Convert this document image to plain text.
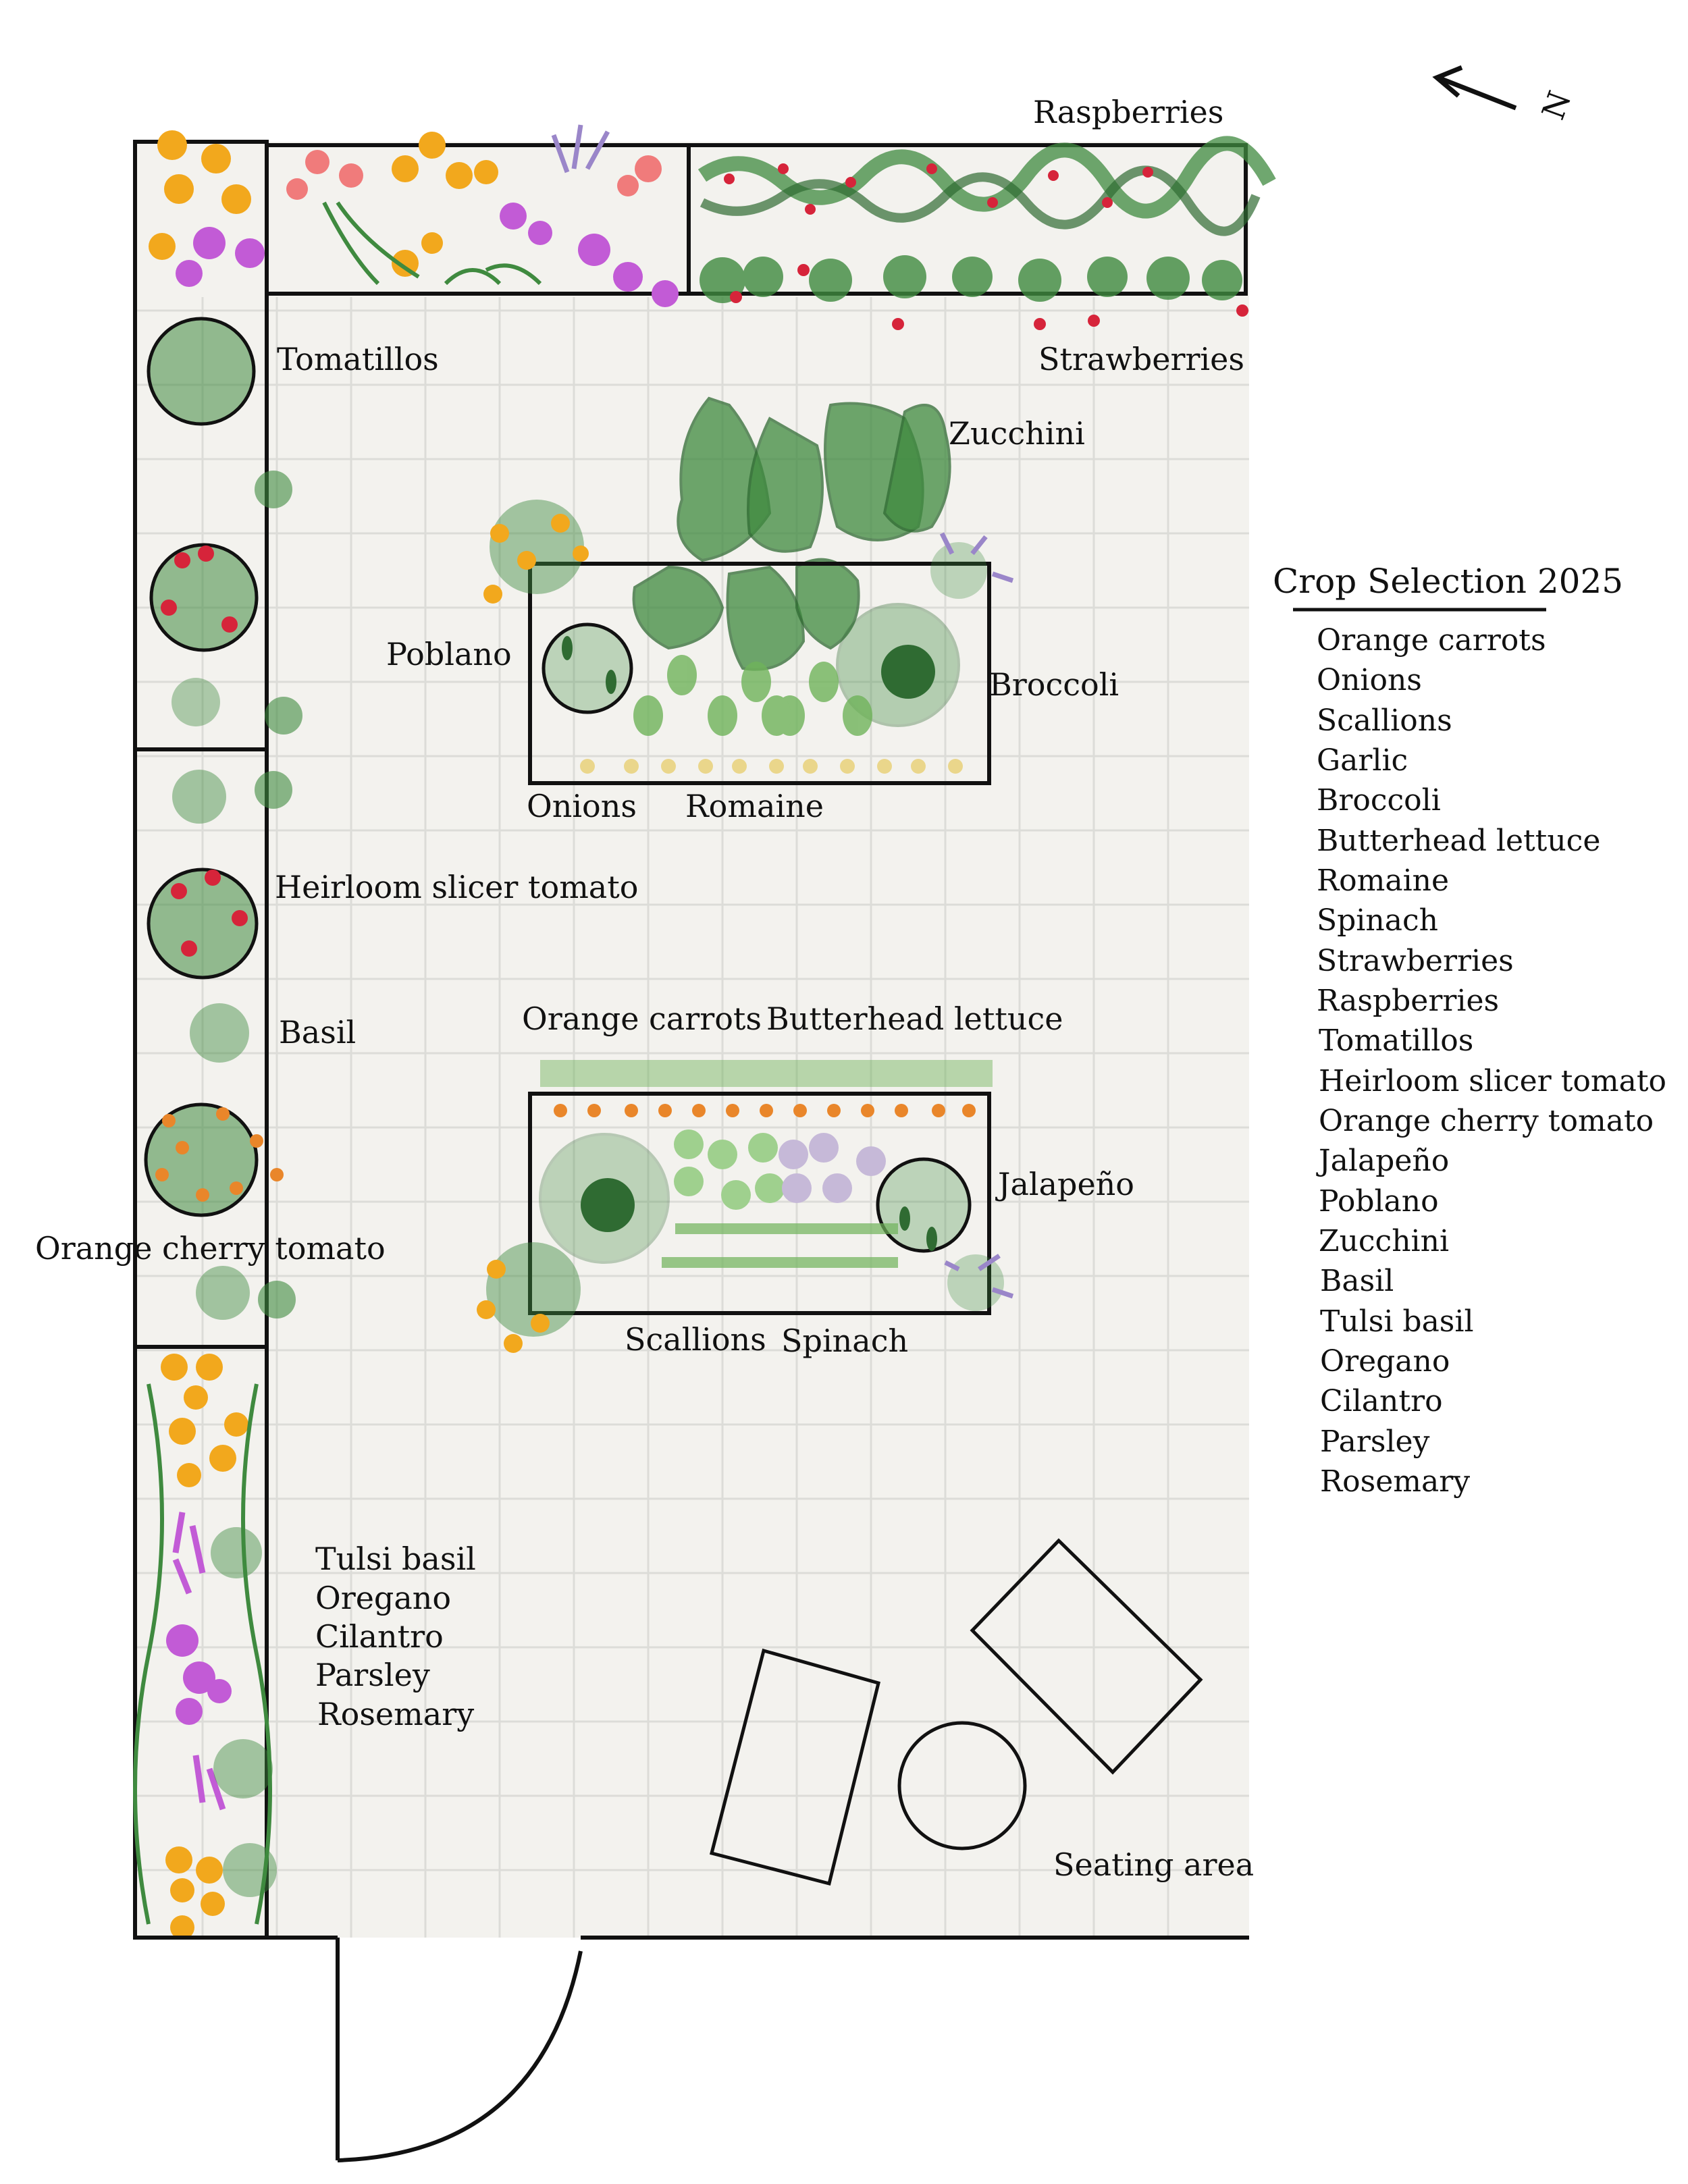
N
Raspberries
Strawberries
Tomatillos
Zucchini
Poblano
Broccoli
Onions Romaine
Heirloom slicer tomato
Basil
Orange cherry tomato
Orange carrots Butterhead lettuce
Jalapeño
Scallions Spinach
Tulsi basil
Oregano
Cilantro
Parsley
Rosemary
Seating area
Crop Selection 2025
Orange carrots
Onions
Scallions
Garlic
Broccoli
Butterhead lettuce
Romaine
Spinach
Strawberries
Raspberries
Tomatillos
Heirloom slicer tomato
Orange cherry tomato
Jalapeño
Poblano
Zucchini
Basil
Tulsi basil
Oregano
Cilantro
Parsley
Rosemary
